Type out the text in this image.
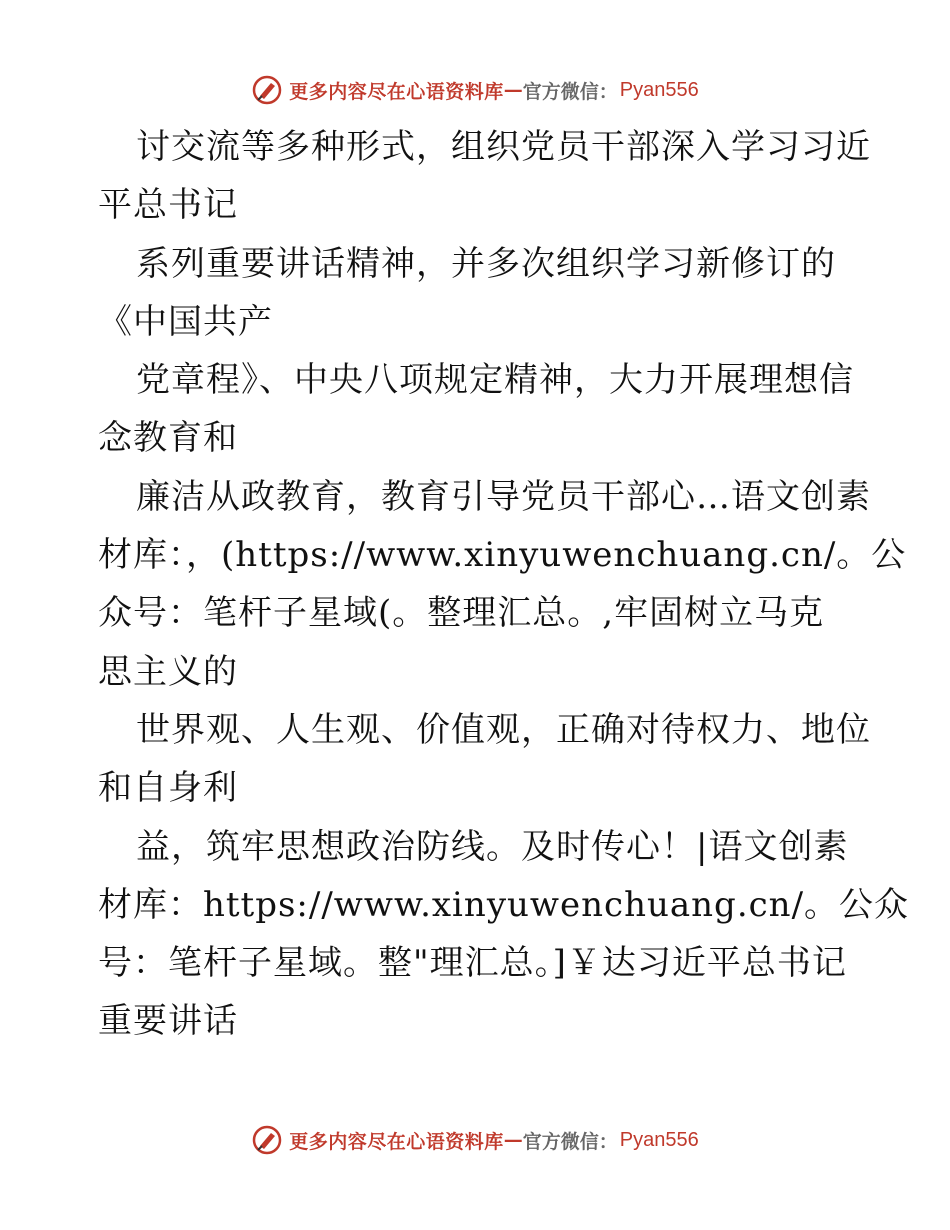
更多内容尽在心语资料库 — 官方微信： Pyan556
讨交流等多种形式，组织党员干部深入学习习近
平总书记
系列重要讲话精神，并多次组织学习新修订的
《中国共产
党章程》、中央八项规定精神，大力开展理想信
念教育和
廉洁从政教育，教育引导党员干部心…语文创素
材库：，(https://www.xinyuwenchuang.cn/。公
众号：笔杆子星域(。整理汇总。,牢固树立马克
思主义的
世界观、人生观、价值观，正确对待权力、地位
和自身利
益，筑牢思想政治防线。及时传心！|语文创素
材库：https://www.xinyuwenchuang.cn/。公众
号：笔杆子星域。整"理汇总。]￥达习近平总书记
重要讲话
更多内容尽在心语资料库 — 官方微信： Pyan556
